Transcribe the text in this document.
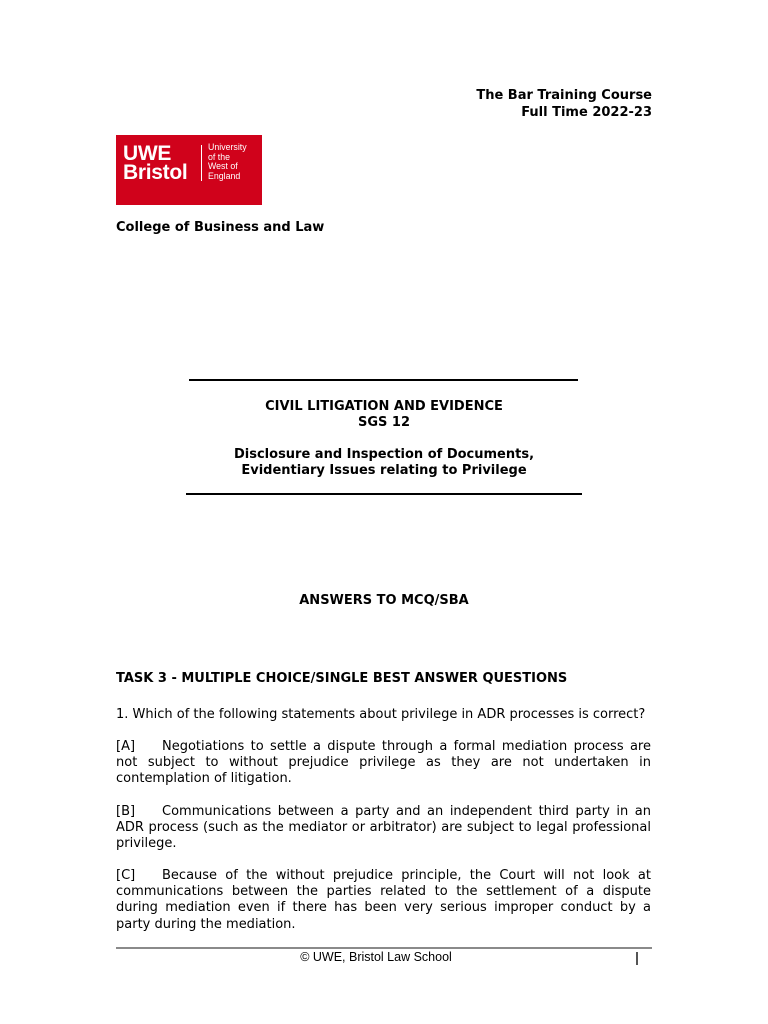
The Bar Training Course
Full Time 2022-23
UWE
Bristol
University
of the
West of
England
College of Business and Law
CIVIL LITIGATION AND EVIDENCE
SGS 12
Disclosure and Inspection of Documents,
Evidentiary Issues relating to Privilege
ANSWERS TO MCQ/SBA
TASK 3 - MULTIPLE CHOICE/SINGLE BEST ANSWER QUESTIONS
1. Which of the following statements about privilege in ADR processes is correct?
[A] Negotiations to settle a dispute through a formal mediation process are not subject to without prejudice privilege as they are not undertaken in contemplation of litigation.
[B] Communications between a party and an independent third party in an ADR process (such as the mediator or arbitrator) are subject to legal professional privilege.
[C] Because of the without prejudice principle, the Court will not look at communications between the parties related to the settlement of a dispute during mediation even if there has been very serious improper conduct by a party during the mediation.
© UWE, Bristol Law School
